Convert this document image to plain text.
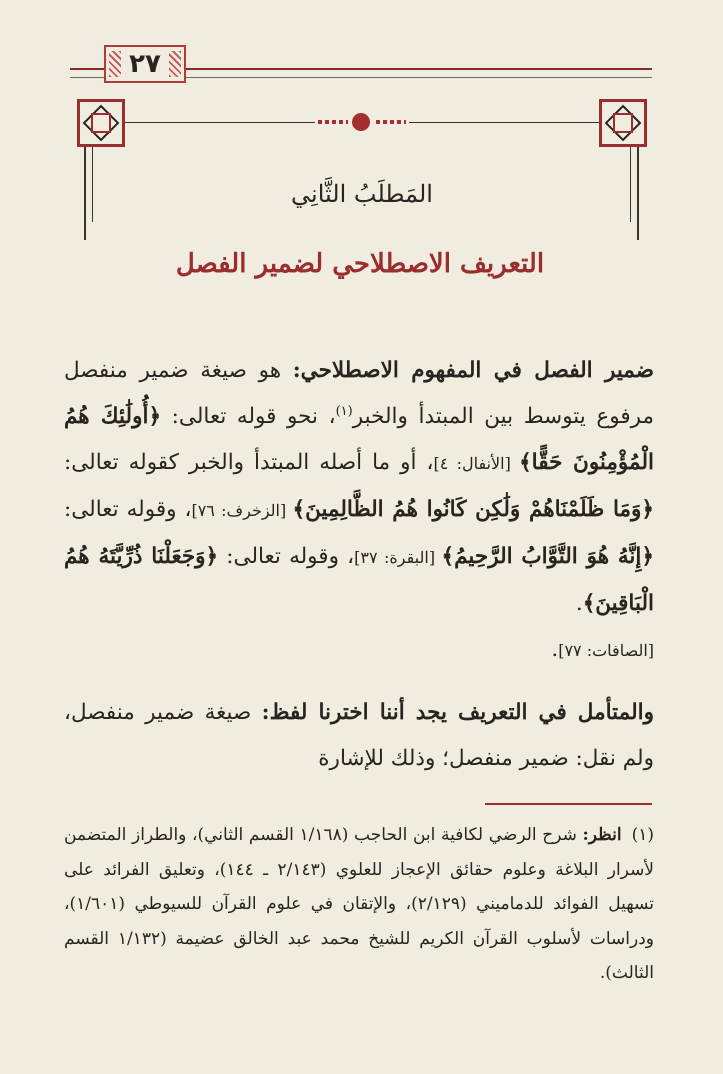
٢٧
المَطلَبُ الثَّانِي
التعريف الاصطلاحي لضمير الفصل

ضمير الفصل في المفهوم الاصطلاحي: هو صيغة ضمير منفصل مرفوع يتوسط بين المبتدأ والخبر$^{(١)}$، نحو قوله تعالى: ﴿أُولَٰئِكَ هُمُ الْمُؤْمِنُونَ حَقًّا﴾ [الأنفال: ٤]، أو ما أصله المبتدأ والخبر كقوله تعالى: ﴿وَمَا ظَلَمْنَاهُمْ وَلَٰكِن كَانُوا هُمُ الظَّالِمِينَ﴾ [الزخرف: ٧٦]، وقوله تعالى: ﴿إِنَّهُ هُوَ التَّوَّابُ الرَّحِيمُ﴾ [البقرة: ٣٧]، وقوله تعالى: ﴿وَجَعَلْنَا ذُرِّيَّتَهُ هُمُ الْبَاقِينَ﴾.
[الصافات: ٧٧].

والمتأمل في التعريف يجد أننا اخترنا لفظ: صيغة ضمير منفصل، ولم نقل: ضمير منفصل؛ وذلك للإشارة

(١)انظر: شرح الرضي لكافية ابن الحاجب (١/١٦٨ القسم الثاني)، والطراز المتضمن لأسرار البلاغة وعلوم حقائق الإعجاز للعلوي (٢/١٤٣ ـ ١٤٤)، وتعليق الفرائد على تسهيل الفوائد للدماميني (٢/١٢٩)، والإتقان في علوم القرآن للسيوطي (١/٦٠١)، ودراسات لأسلوب القرآن الكريم للشيخ محمد عبد الخالق عضيمة (١/١٣٢ القسم الثالث).
